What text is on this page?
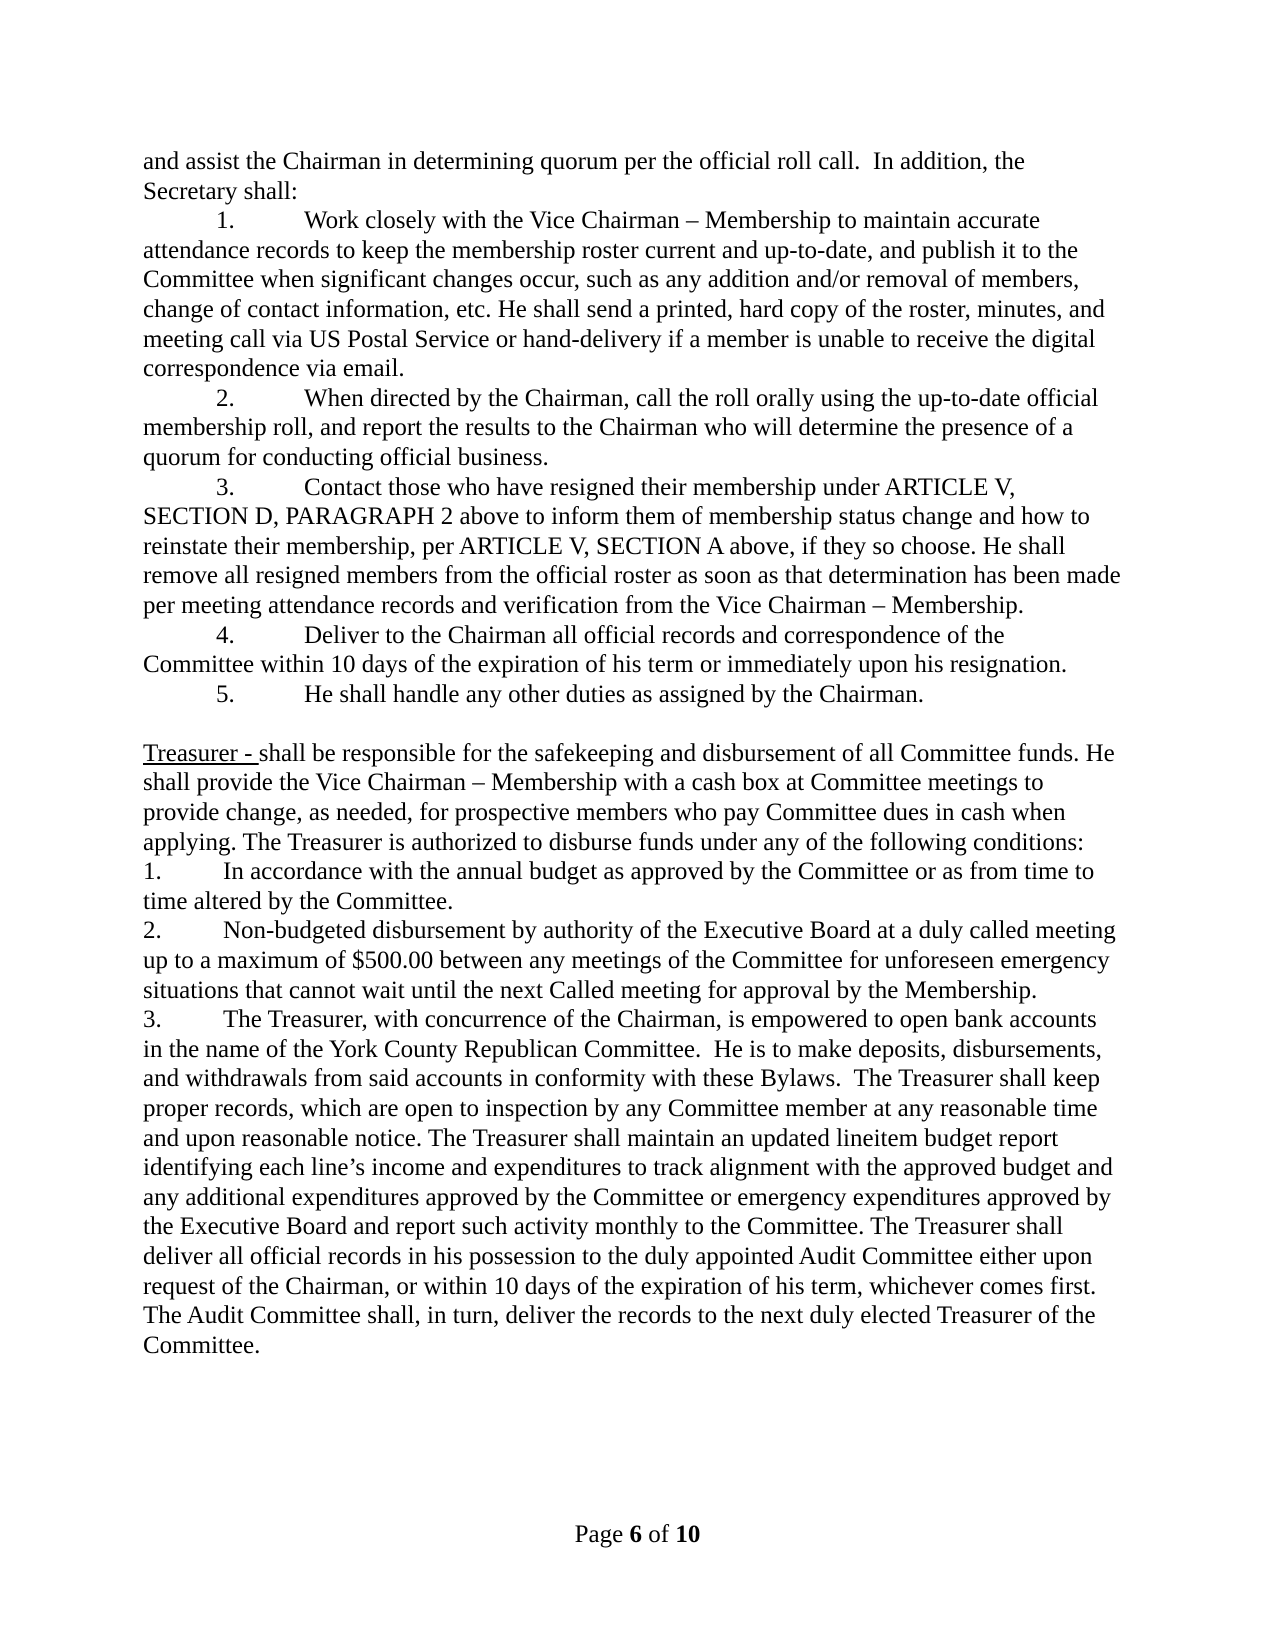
and assist the Chairman in determining quorum per the official roll call.  In addition, the Secretary shall:
1.	Work closely with the Vice Chairman – Membership to maintain accurate attendance records to keep the membership roster current and up-to-date, and publish it to the Committee when significant changes occur, such as any addition and/or removal of members, change of contact information, etc. He shall send a printed, hard copy of the roster, minutes, and meeting call via US Postal Service or hand-delivery if a member is unable to receive the digital correspondence via email.
2.	When directed by the Chairman, call the roll orally using the up-to-date official membership roll, and report the results to the Chairman who will determine the presence of a quorum for conducting official business.
3.	Contact those who have resigned their membership under ARTICLE V, SECTION D, PARAGRAPH 2 above to inform them of membership status change and how to reinstate their membership, per ARTICLE V, SECTION A above, if they so choose. He shall remove all resigned members from the official roster as soon as that determination has been made per meeting attendance records and verification from the Vice Chairman – Membership.
4.	Deliver to the Chairman all official records and correspondence of the Committee within 10 days of the expiration of his term or immediately upon his resignation.
5.	He shall handle any other duties as assigned by the Chairman.
Treasurer - shall be responsible for the safekeeping and disbursement of all Committee funds. He shall provide the Vice Chairman – Membership with a cash box at Committee meetings to provide change, as needed, for prospective members who pay Committee dues in cash when applying. The Treasurer is authorized to disburse funds under any of the following conditions:
1. In accordance with the annual budget as approved by the Committee or as from time to time altered by the Committee.
2. Non-budgeted disbursement by authority of the Executive Board at a duly called meeting up to a maximum of $500.00 between any meetings of the Committee for unforeseen emergency situations that cannot wait until the next Called meeting for approval by the Membership.
3. The Treasurer, with concurrence of the Chairman, is empowered to open bank accounts in the name of the York County Republican Committee.  He is to make deposits, disbursements, and withdrawals from said accounts in conformity with these Bylaws.  The Treasurer shall keep proper records, which are open to inspection by any Committee member at any reasonable time and upon reasonable notice. The Treasurer shall maintain an updated lineitem budget report identifying each line’s income and expenditures to track alignment with the approved budget and any additional expenditures approved by the Committee or emergency expenditures approved by the Executive Board and report such activity monthly to the Committee. The Treasurer shall deliver all official records in his possession to the duly appointed Audit Committee either upon request of the Chairman, or within 10 days of the expiration of his term, whichever comes first. The Audit Committee shall, in turn, deliver the records to the next duly elected Treasurer of the Committee.
Page 6 of 10
